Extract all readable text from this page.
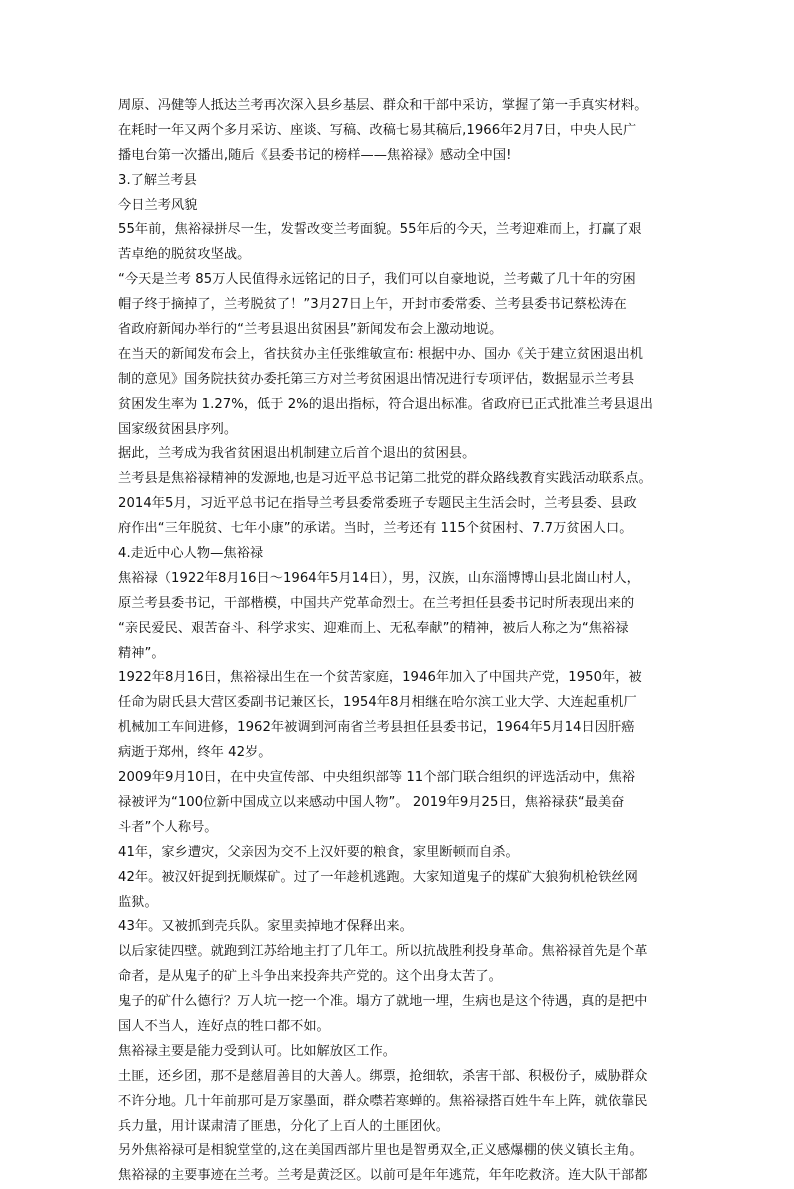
周原、冯健等人抵达兰考再次深入县乡基层、群众和干部中采访，掌握了第一手真实材料。
在耗时一年又两个多月采访、座谈、写稿、改稿七易其稿后,1966年2月7日，中央人民广
播电台第一次播出,随后《县委书记的榜样——焦裕禄》感动全中国!
3.了解兰考县
今日兰考风貌
55年前，焦裕禄拼尽一生，发誓改变兰考面貌。55年后的今天，兰考迎难而上，打赢了艰
苦卓绝的脱贫攻坚战。
“今天是兰考 85万人民值得永远铭记的日子，我们可以自豪地说，兰考戴了几十年的穷困
帽子终于摘掉了，兰考脱贫了！”3月27日上午，开封市委常委、兰考县委书记蔡松涛在
省政府新闻办举行的“兰考县退出贫困县”新闻发布会上激动地说。
在当天的新闻发布会上，省扶贫办主任张维敏宣布: 根据中办、国办《关于建立贫困退出机
制的意见》国务院扶贫办委托第三方对兰考贫困退出情况进行专项评估，数据显示兰考县
贫困发生率为 1.27%，低于 2%的退出指标，符合退出标准。省政府已正式批准兰考县退出
国家级贫困县序列。
据此，兰考成为我省贫困退出机制建立后首个退出的贫困县。
兰考县是焦裕禄精神的发源地,也是习近平总书记第二批党的群众路线教育实践活动联系点。
2014年5月，习近平总书记在指导兰考县委常委班子专题民主生活会时，兰考县委、县政
府作出“三年脱贫、七年小康”的承诺。当时，兰考还有 115个贫困村、7.7万贫困人口。
4.走近中心人物—焦裕禄
焦裕禄（1922年8月16日〜1964年5月14日），男，汉族，山东淄博博山县北崮山村人，
原兰考县委书记，干部楷模，中国共产党革命烈士。在兰考担任县委书记时所表现出来的
“亲民爱民、艰苦奋斗、科学求实、迎难而上、无私奉献”的精神，被后人称之为“焦裕禄
精神”。
1922年8月16日，焦裕禄出生在一个贫苦家庭，1946年加入了中国共产党，1950年，被
任命为尉氏县大营区委副书记兼区长，1954年8月相继在哈尔滨工业大学、大连起重机厂
机械加工车间进修，1962年被调到河南省兰考县担任县委书记，1964年5月14日因肝癌
病逝于郑州，终年 42岁。
2009年9月10日，在中央宣传部、中央组织部等 11个部门联合组织的评选活动中，焦裕
禄被评为“100位新中国成立以来感动中国人物”。 2019年9月25日，焦裕禄获“最美奋
斗者”个人称号。
41年，家乡遭灾，父亲因为交不上汉奸要的粮食，家里断顿而自杀。
42年。被汉奸捉到抚顺煤矿。过了一年趁机逃跑。大家知道鬼子的煤矿大狼狗机枪铁丝网
监狱。
43年。又被抓到壳兵队。家里卖掉地才保释出来。
以后家徒四壁。就跑到江苏给地主打了几年工。所以抗战胜利投身革命。焦裕禄首先是个革
命者，是从鬼子的矿上斗争出来投奔共产党的。这个出身太苦了。
鬼子的矿什么德行？万人坑一挖一个准。塌方了就地一埋，生病也是这个待遇，真的是把中
国人不当人，连好点的牲口都不如。
焦裕禄主要是能力受到认可。比如解放区工作。
土匪，还乡团，那不是慈眉善目的大善人。绑票，抢细软，杀害干部、积极份子，威胁群众
不许分地。几十年前那可是万家墨面，群众噤若寒蝉的。焦裕禄搭百姓牛车上阵，就依靠民
兵力量，用计谋肃清了匪患，分化了上百人的土匪团伙。
另外焦裕禄可是相貌堂堂的,这在美国西部片里也是智勇双全,正义感爆棚的侠义镇长主角。
焦裕禄的主要事迹在兰考。兰考是黄泛区。以前可是年年逃荒，年年吃救济。连大队干部都
